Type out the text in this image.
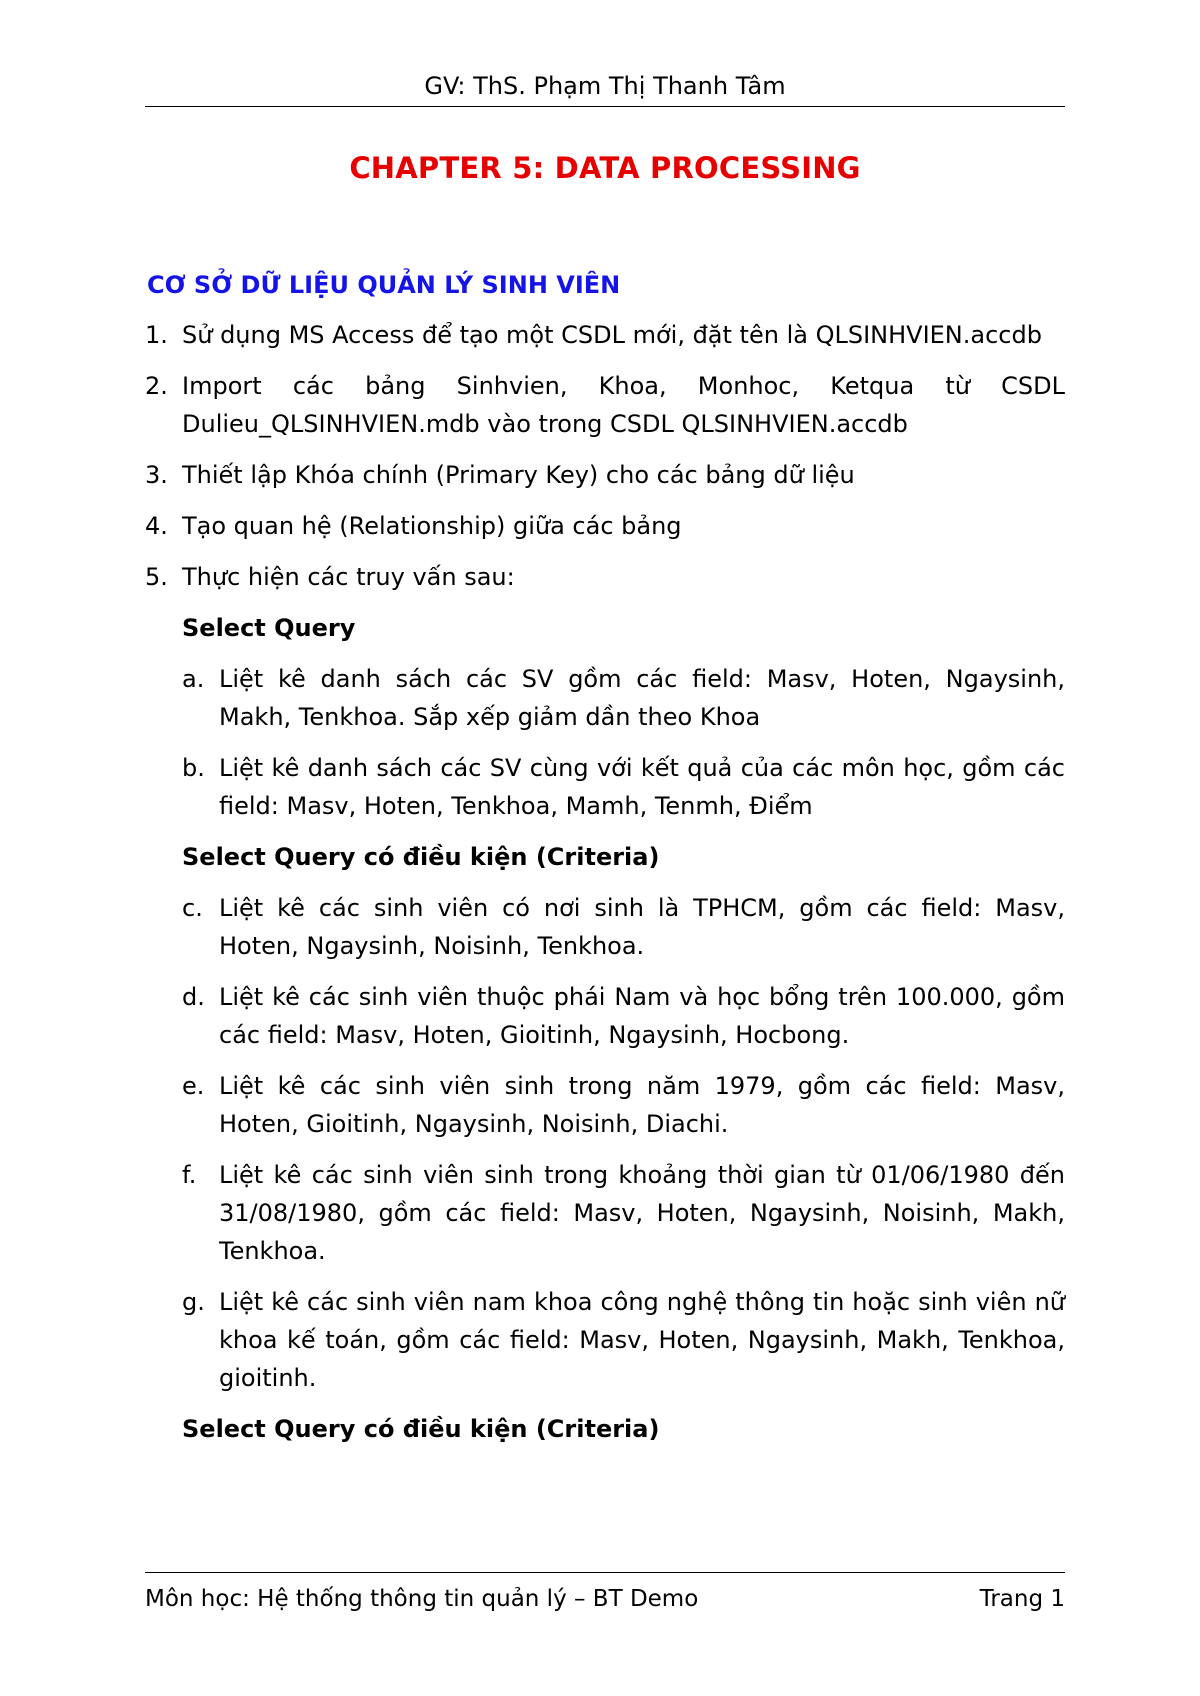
GV: ThS. Phạm Thị Thanh Tâm
CHAPTER 5: DATA PROCESSING
CƠ SỞ DỮ LIỆU QUẢN LÝ SINH VIÊN
1. Sử dụng MS Access để tạo một CSDL mới, đặt tên là QLSINHVIEN.accdb
2. Import các bảng Sinhvien, Khoa, Monhoc, Ketqua từ CSDL Dulieu_QLSINHVIEN.mdb vào trong CSDL QLSINHVIEN.accdb
3. Thiết lập Khóa chính (Primary Key) cho các bảng dữ liệu
4. Tạo quan hệ (Relationship) giữa các bảng
5. Thực hiện các truy vấn sau:
Select Query
a. Liệt kê danh sách các SV gồm các field: Masv, Hoten, Ngaysinh, Makh, Tenkhoa. Sắp xếp giảm dần theo Khoa
b. Liệt kê danh sách các SV cùng với kết quả của các môn học, gồm các field: Masv, Hoten, Tenkhoa, Mamh, Tenmh, Điểm
Select Query có điều kiện (Criteria)
c. Liệt kê các sinh viên có nơi sinh là TPHCM, gồm các field: Masv, Hoten, Ngaysinh, Noisinh, Tenkhoa.
d. Liệt kê các sinh viên thuộc phái Nam và học bổng trên 100.000, gồm các field: Masv, Hoten, Gioitinh, Ngaysinh, Hocbong.
e. Liệt kê các sinh viên sinh trong năm 1979, gồm các field: Masv, Hoten, Gioitinh, Ngaysinh, Noisinh, Diachi.
f. Liệt kê các sinh viên sinh trong khoảng thời gian từ 01/06/1980 đến 31/08/1980, gồm các field: Masv, Hoten, Ngaysinh, Noisinh, Makh, Tenkhoa.
g. Liệt kê các sinh viên nam khoa công nghệ thông tin hoặc sinh viên nữ khoa kế toán, gồm các field: Masv, Hoten, Ngaysinh, Makh, Tenkhoa, gioitinh.
Select Query có điều kiện (Criteria)
Môn học: Hệ thống thông tin quản lý – BT Demo	Trang 1
